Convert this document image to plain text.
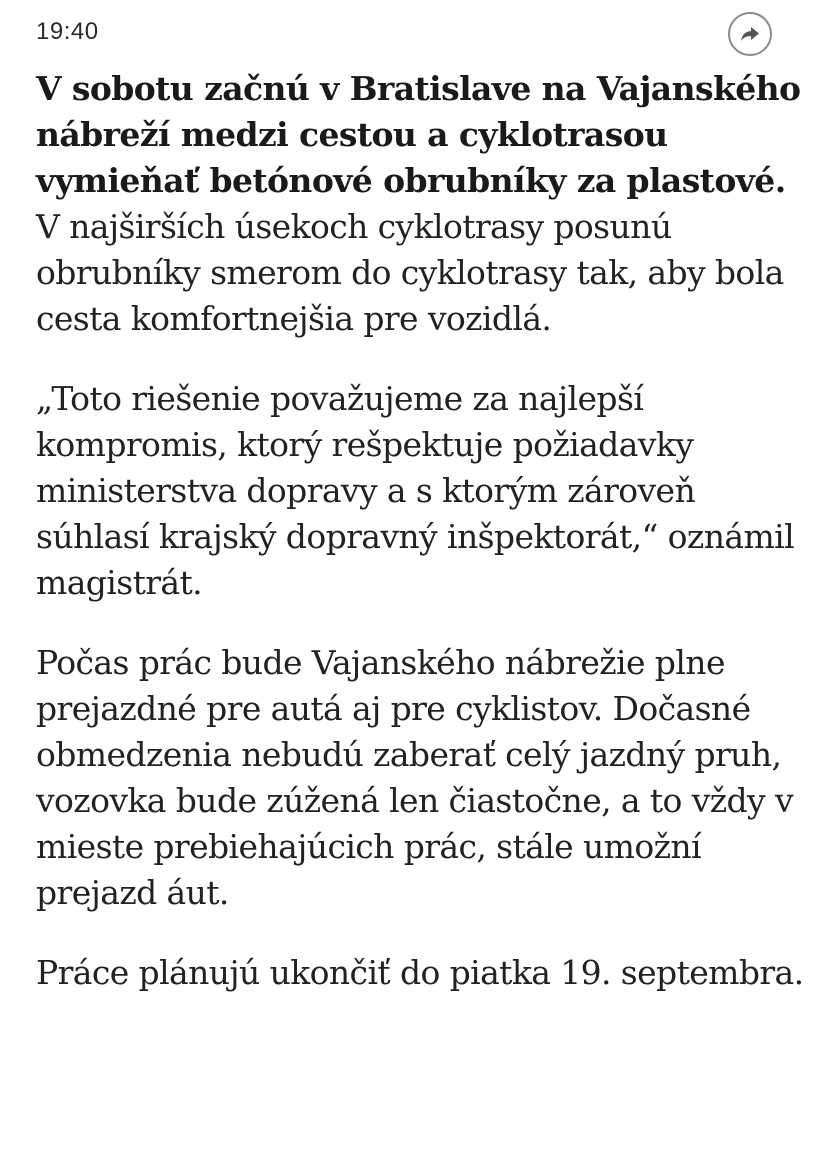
19:40

V sobotu začnú v Bratislave na Vajanského nábreží medzi cestou a cyklotrasou vymieňať betónové obrubníky za plastové. V najširších úsekoch cyklotrasy posunú obrubníky smerom do cyklotrasy tak, aby bola cesta komfortnejšia pre vozidlá.

„Toto riešenie považujeme za najlepší kompromis, ktorý rešpektuje požiadavky ministerstva dopravy a s ktorým zároveň súhlasí krajský dopravný inšpektorát,“ oznámil magistrát.

Počas prác bude Vajanského nábrežie plne prejazdné pre autá aj pre cyklistov. Dočasné obmedzenia nebudú zaberať celý jazdný pruh, vozovka bude zúžená len čiastočne, a to vždy v mieste prebiehajúcich prác, stále umožní prejazd áut.

Práce plánujú ukončiť do piatka 19. septembra.
